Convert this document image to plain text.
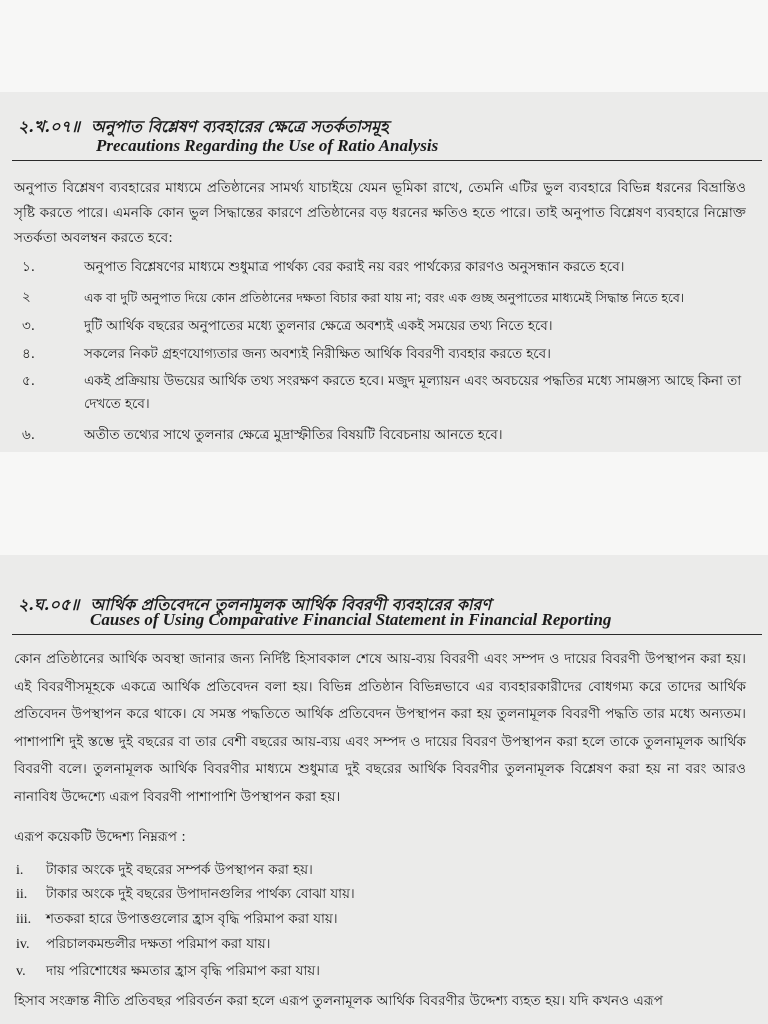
২.খ.০৭॥ অনুপাত বিশ্লেষণ ব্যবহারের ক্ষেত্রে সতর্কতাসমূহ
Precautions Regarding the Use of Ratio Analysis
অনুপাত বিশ্লেষণ ব্যবহারের মাধ্যমে প্রতিষ্ঠানের সামর্থ্য যাচাইয়ে যেমন ভূমিকা রাখে, তেমনি এটির ভুল ব্যবহারে বিভিন্ন ধরনের বিভ্রান্তিও সৃষ্টি করতে পারে। এমনকি কোন ভুল সিদ্ধান্তের কারণে প্রতিষ্ঠানের বড় ধরনের ক্ষতিও হতে পারে। তাই অনুপাত বিশ্লেষণ ব্যবহারে নিম্নোক্ত সতর্কতা অবলম্বন করতে হবে:
১.	অনুপাত বিশ্লেষণের মাধ্যমে শুধুমাত্র পার্থক্য বের করাই নয় বরং পার্থক্যের কারণও অনুসন্ধান করতে হবে।
২	এক বা দুটি অনুপাত দিয়ে কোন প্রতিষ্ঠানের দক্ষতা বিচার করা যায় না; বরং এক গুচ্ছ অনুপাতের মাধ্যমেই সিদ্ধান্ত নিতে হবে।
৩.	দুটি আর্থিক বছরের অনুপাতের মধ্যে তুলনার ক্ষেত্রে অবশ্যই একই সময়ের তথ্য নিতে হবে।
৪.	সকলের নিকট গ্রহণযোগ্যতার জন্য অবশ্যই নিরীক্ষিত আর্থিক বিবরণী ব্যবহার করতে হবে।
৫.	একই প্রক্রিয়ায় উভয়ের আর্থিক তথ্য সংরক্ষণ করতে হবে। মজুদ মূল্যায়ন এবং অবচয়ের পদ্ধতির মধ্যে সামঞ্জস্য আছে কিনা তা দেখতে হবে।
৬.	অতীত তথ্যের সাথে তুলনার ক্ষেত্রে মুদ্রাস্ফীতির বিষয়টি বিবেচনায় আনতে হবে।
২.ঘ.০৫॥ আর্থিক প্রতিবেদনে তুলনামূলক আর্থিক বিবরণী ব্যবহারের কারণ
Causes of Using Comparative Financial Statement in Financial Reporting
কোন প্রতিষ্ঠানের আর্থিক অবস্থা জানার জন্য নির্দিষ্ট হিসাবকাল শেষে আয়-ব্যয় বিবরণী এবং সম্পদ ও দায়ের বিবরণী উপস্থাপন করা হয়। এই বিবরণীসমূহকে একত্রে আর্থিক প্রতিবেদন বলা হয়। বিভিন্ন প্রতিষ্ঠান বিভিন্নভাবে এর ব্যবহারকারীদের বোধগম্য করে তাদের আর্থিক প্রতিবেদন উপস্থাপন করে থাকে। যে সমস্ত পদ্ধতিতে আর্থিক প্রতিবেদন উপস্থাপন করা হয় তুলনামূলক বিবরণী পদ্ধতি তার মধ্যে অন্যতম। পাশাপাশি দুই স্তম্ভে দুই বছরের বা তার বেশী বছরের আয়-ব্যয় এবং সম্পদ ও দায়ের বিবরণ উপস্থাপন করা হলে তাকে তুলনামূলক আর্থিক বিবরণী বলে। তুলনামূলক আর্থিক বিবরণীর মাধ্যমে শুধুমাত্র দুই বছরের আর্থিক বিবরণীর তুলনামূলক বিশ্লেষণ করা হয় না বরং আরও নানাবিধ উদ্দেশ্যে এরূপ বিবরণী পাশাপাশি উপস্থাপন করা হয়।
এরূপ কয়েকটি উদ্দেশ্য নিম্নরূপ :
i. টাকার অংকে দুই বছরের সম্পর্ক উপস্থাপন করা হয়।
ii. টাকার অংকে দুই বছরের উপাদানগুলির পার্থক্য বোঝা যায়।
iii. শতকরা হারে উপাত্তগুলোর হ্রাস বৃদ্ধি পরিমাপ করা যায়।
iv. পরিচালকমন্ডলীর দক্ষতা পরিমাপ করা যায়।
v. দায় পরিশোধের ক্ষমতার হ্রাস বৃদ্ধি পরিমাপ করা যায়।
হিসাব সংক্রান্ত নীতি প্রতিবছর পরিবর্তন করা হলে এরূপ তুলনামূলক আর্থিক বিবরণীর উদ্দেশ্য ব্যহত হয়। যদি কখনও এরূপ
